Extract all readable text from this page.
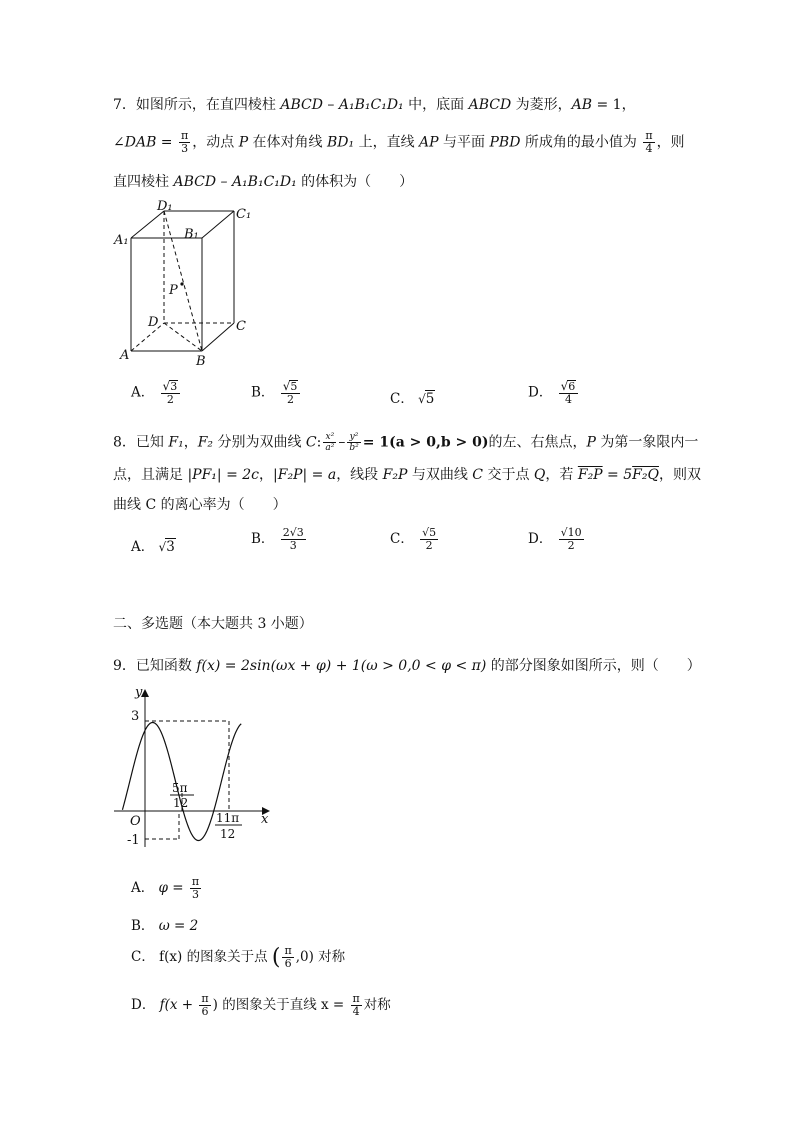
7．如图所示，在直四棱柱 ABCD – A₁B₁C₁D₁ 中，底面 ABCD 为菱形，AB = 1，
∠DAB = $\frac{\pi}{3}$ ，动点 P 在体对角线 BD₁ 上，直线 AP 与平面 PBD 所成角的最小值为 $\frac{\pi}{4}$ ，则
直四棱柱 ABCD – A₁B₁C₁D₁ 的体积为（　　）
D₁
C₁
A₁	B₁
P
D	C
A	B
A． $\frac{√3}{2}$	B． $\frac{√5}{2}$	C． √5	D． $\frac{√6}{4}$
8．已知 F₁，F₂ 分别为双曲线 C: $\frac{\text{x²}}{\text{a²}} - \frac{\text{y²}}{\text{b²}} = 1(a > 0,b > 0)$的左、右焦点，P 为第一象限内一
点，且满足 |PF₁| = 2c，|F₂P| = a，线段 F₂P 与双曲线 C 交于点 Q，若 F₂P = 5F₂Q，则双
曲线 C 的离心率为（　　）
A． √3	B． $\frac{2√3}{3}$	C． $\frac{√5}{2}$	D． $\frac{√10}{2}$
二、多选题（本大题共 3 小题）
9．已知函数 f(x) = 2sin(ωx + φ) + 1(ω > 0,0 < φ < π) 的部分图象如图所示，则（　　）
y
x
O
3
-1
5π
12
11π
12
A． $\varphi = \frac{\pi}{3}$
B． ω = 2
C． f(x) 的图象关于点 ( $\frac{\pi}{6} ,0$) 对称
D． $f(x + \frac{\pi}{6}$ ) 的图象关于直线 $x = \frac{\pi}{4}$ 对称
